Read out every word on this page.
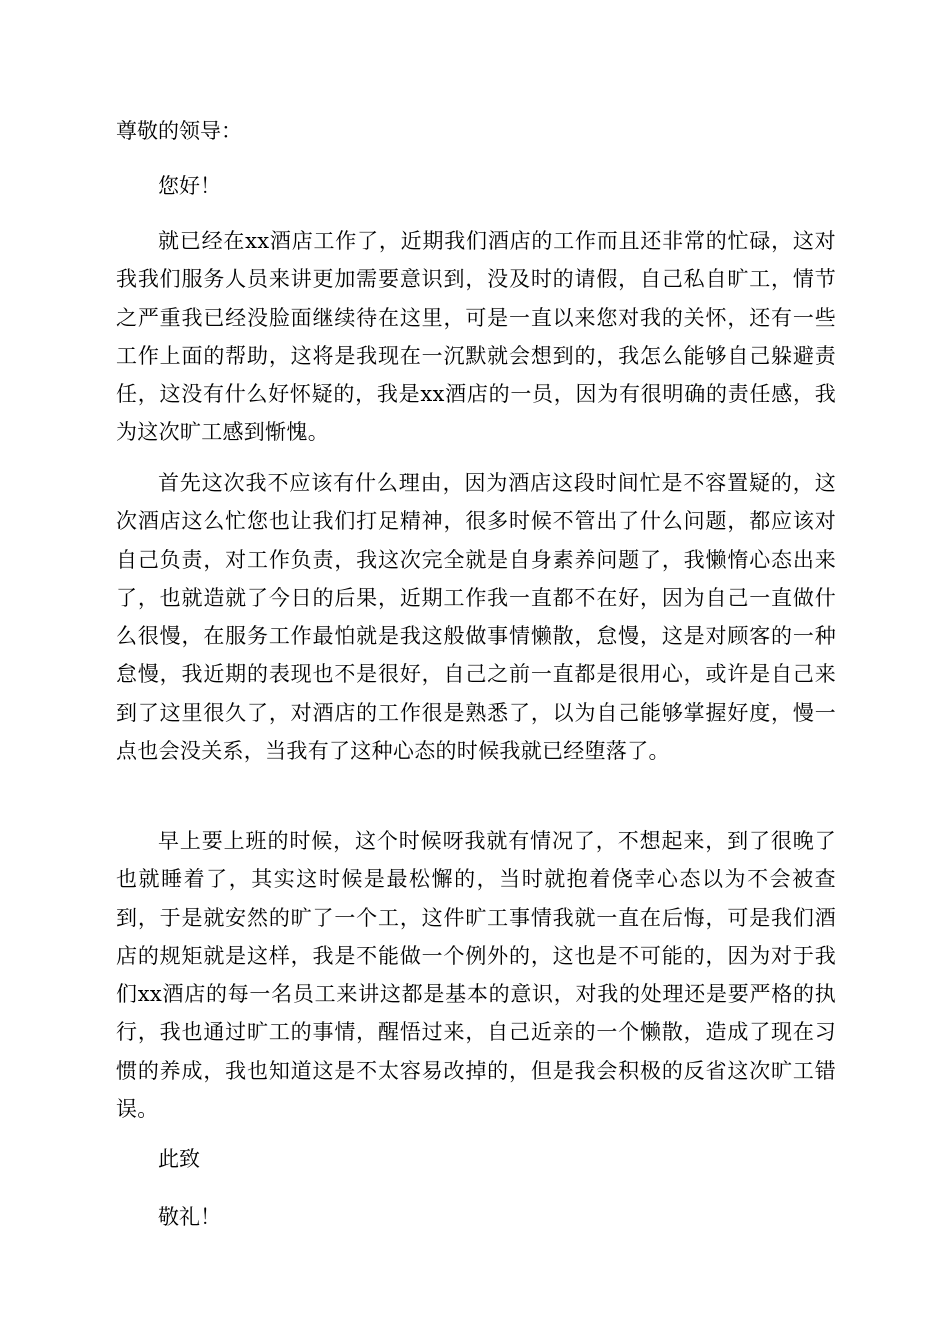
尊敬的领导：
您好！
就已经在xx酒店工作了，近期我们酒店的工作而且还非常的忙碌，这对我我们服务人员来讲更加需要意识到，没及时的请假，自己私自旷工，情节之严重我已经没脸面继续待在这里，可是一直以来您对我的关怀，还有一些工作上面的帮助，这将是我现在一沉默就会想到的，我怎么能够自己躲避责任，这没有什么好怀疑的，我是xx酒店的一员，因为有很明确的责任感，我为这次旷工感到惭愧。
首先这次我不应该有什么理由，因为酒店这段时间忙是不容置疑的，这次酒店这么忙您也让我们打足精神，很多时候不管出了什么问题，都应该对自己负责，对工作负责，我这次完全就是自身素养问题了，我懒惰心态出来了，也就造就了今日的后果，近期工作我一直都不在好，因为自己一直做什么很慢，在服务工作最怕就是我这般做事情懒散，怠慢，这是对顾客的一种怠慢，我近期的表现也不是很好，自己之前一直都是很用心，或许是自己来到了这里很久了，对酒店的工作很是熟悉了，以为自己能够掌握好度，慢一点也会没关系，当我有了这种心态的时候我就已经堕落了。
早上要上班的时候，这个时候呀我就有情况了，不想起来，到了很晚了也就睡着了，其实这时候是最松懈的，当时就抱着侥幸心态以为不会被查到，于是就安然的旷了一个工，这件旷工事情我就一直在后悔，可是我们酒店的规矩就是这样，我是不能做一个例外的，这也是不可能的，因为对于我们xx酒店的每一名员工来讲这都是基本的意识，对我的处理还是要严格的执行，我也通过旷工的事情，醒悟过来，自己近亲的一个懒散，造成了现在习惯的养成，我也知道这是不太容易改掉的，但是我会积极的反省这次旷工错误。
此致
敬礼！
